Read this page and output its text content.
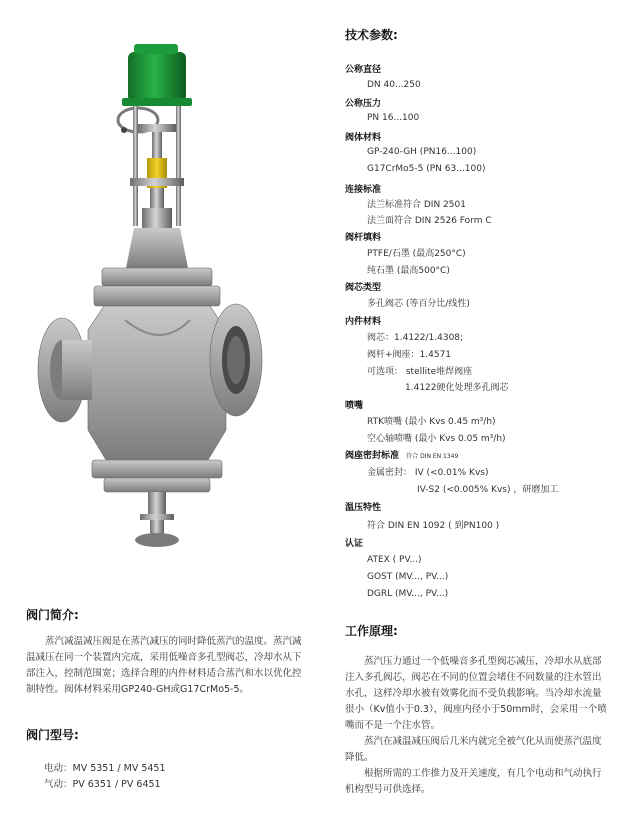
技术参数:
公称直径
DN 40...250
公称压力
PN 16...100
阀体材料
GP-240-GH (PN16...100)
G17CrMo5-5 (PN 63...100)
连接标准
法兰标准符合 DIN 2501
法兰面符合 DIN 2526 Form C
阀杆填料
PTFE/石墨 (最高250°C)
纯石墨 (最高500°C)
阀芯类型
多孔阀芯 (等百分比/线性)
内件材料
阀芯：1.4122/1.4308;
阀杆+阀座：1.4571
可选项： stellite堆焊阀座
1.4122硬化处理多孔阀芯
喷嘴
RTK喷嘴 (最小 Kvs 0.45 m³/h)
空心轴喷嘴 (最小 Kvs 0.05 m³/h)
阀座密封标准 符合 DIN EN 1349
金属密封： IV (<0.01% Kvs)
IV-S2 (<0.005% Kvs) ，研磨加工
温压特性
符合 DIN EN 1092 ( 到PN100 )
认证
ATEX ( PV...)
GOST (MV..., PV...)
DGRL (MV..., PV...)
阀门简介:

蒸汽减温减压阀是在蒸汽减压的同时降低蒸汽的温度。蒸汽减温减压在同一个装置内完成，采用低噪音多孔型阀芯，冷却水从下部注入，控制范围宽；选择合理的内件材料适合蒸汽和水以优化控制特性。阀体材料采用GP240-GH或G17CrMo5-5。

阀门型号:
电动：MV 5351 / MV 5451
气动：PV 6351 / PV 6451
工作原理:

蒸汽压力通过一个低噪音多孔型阀芯减压，冷却水从底部注入多孔阀芯，阀芯在不同的位置会堵住不同数量的注水管出水孔，这样冷却水被有效雾化而不受负载影响。当冷却水流量很小（Kv值小于0.3），阀座内径小于50mm时，会采用一个喷嘴而不是一个注水管。

蒸汽在减温减压阀后几米内就完全被气化从而使蒸汽温度降低。

根据所需的工作推力及开关速度，有几个电动和气动执行机构型号可供选择。
